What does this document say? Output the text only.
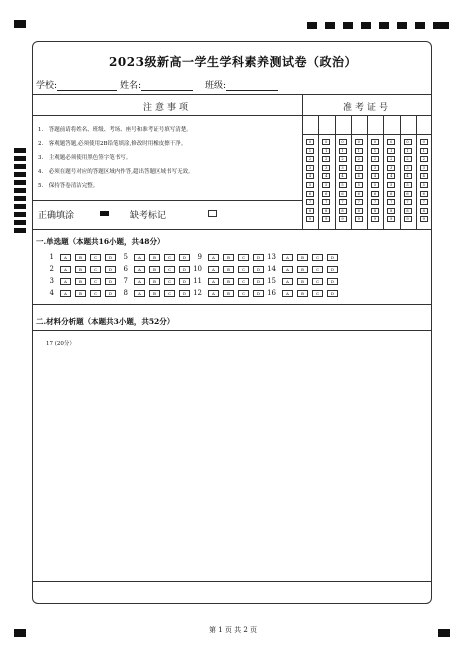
2023级新高一学生学科素养测试卷（政治）
学校:	姓名:	班级:
注意事项	准考证号
1.　答题前请将姓名、班级、考场、座号和准考证号填写清楚。
2.　客观题答题,必须使用2B铅笔填涂,修改时用橡皮擦干净。
3.　主观题必须使用黑色签字笔书写。
4.　必须在题号对应的答题区域内作答,超出答题区域书写无效。
5.　保持答卷清洁完整。
正确填涂	缺考标记
0	0	0	0	0	0	0	0
1	1	1	1	1	1	1	1
2	2	2	2	2	2	2	2
3	3	3	3	3	3	3	3
4	4	4	4	4	4	4	4
5	5	5	5	5	5	5	5
6	6	6	6	6	6	6	6
7	7	7	7	7	7	7	7
8	8	8	8	8	8	8	8
9	9	9	9	9	9	9	9
一.单选题（本题共16小题，共48分）
1	A	B	C	D
2	A	B	C	D
3	A	B	C	D
4	A	B	C	D
5	A	B	C	D
6	A	B	C	D
7	A	B	C	D
8	A	B	C	D
9	A	B	C	D
10	A	B	C	D
11	A	B	C	D
12	A	B	C	D
13	A	B	C	D
14	A	B	C	D
15	A	B	C	D
16	A	B	C	D
二.材料分析题（本题共3小题，共52分）
17 (20分）
第 1 页 共 2 页
